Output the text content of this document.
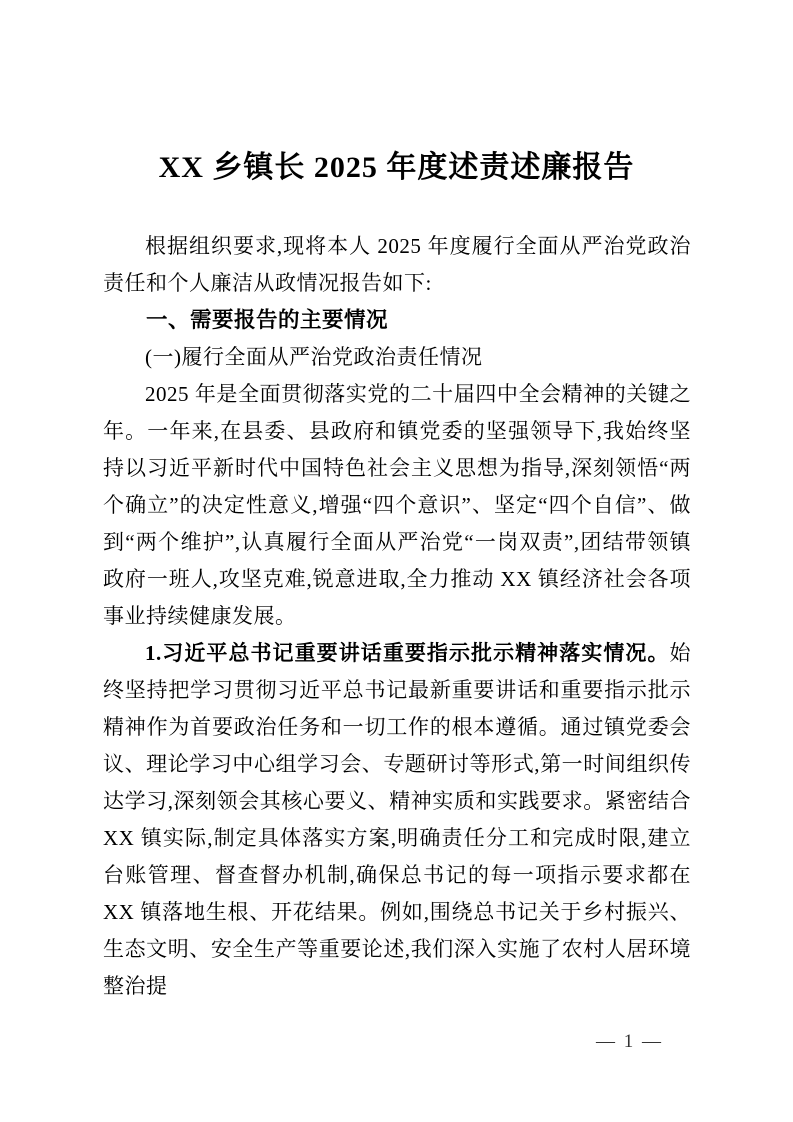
XX 乡镇长 2025 年度述责述廉报告

根据组织要求,现将本人 2025 年度履行全面从严治党政治责任和个人廉洁从政情况报告如下:

一、需要报告的主要情况

(一)履行全面从严治党政治责任情况

2025 年是全面贯彻落实党的二十届四中全会精神的关键之年。一年来,在县委、县政府和镇党委的坚强领导下,我始终坚持以习近平新时代中国特色社会主义思想为指导,深刻领悟“两个确立”的决定性意义,增强“四个意识”、坚定“四个自信”、做到“两个维护”,认真履行全面从严治党“一岗双责”,团结带领镇政府一班人,攻坚克难,锐意进取,全力推动 XX 镇经济社会各项事业持续健康发展。

1.习近平总书记重要讲话重要指示批示精神落实情况。始终坚持把学习贯彻习近平总书记最新重要讲话和重要指示批示精神作为首要政治任务和一切工作的根本遵循。通过镇党委会议、理论学习中心组学习会、专题研讨等形式,第一时间组织传达学习,深刻领会其核心要义、精神实质和实践要求。紧密结合 XX 镇实际,制定具体落实方案,明确责任分工和完成时限,建立台账管理、督查督办机制,确保总书记的每一项指示要求都在 XX 镇落地生根、开花结果。例如,围绕总书记关于乡村振兴、生态文明、安全生产等重要论述,我们深入实施了农村人居环境整治提

— 1 —
